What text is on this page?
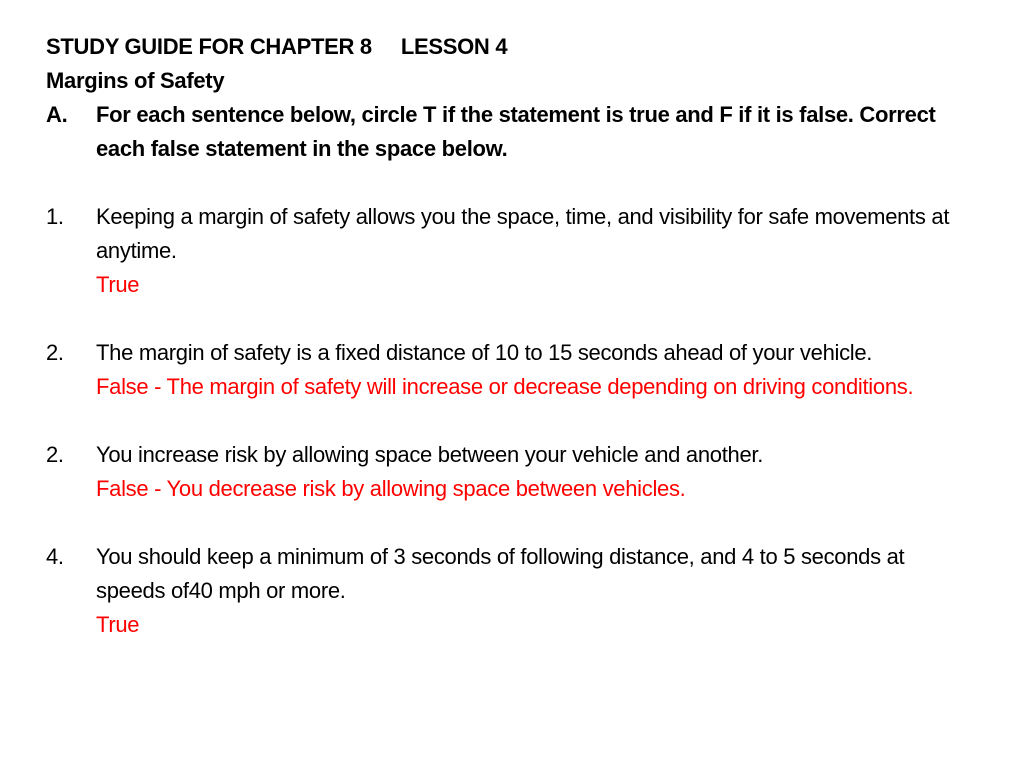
STUDY GUIDE FOR CHAPTER 8     LESSON 4
Margins of Safety
A.	For each sentence below, circle T if the statement is true and F if it is false. Correct each false statement in the space below.
1.	Keeping a margin of safety allows you the space, time, and visibility for safe movements at anytime.
True
2.	The margin of safety is a fixed distance of 10 to 15 seconds ahead of your vehicle.
False - The margin of safety will increase or decrease depending on driving conditions.
2.	You increase risk by allowing space between your vehicle and another.
False - You decrease risk by allowing space between vehicles.
4.	You should keep a minimum of 3 seconds of following distance, and 4 to 5 seconds at speeds of40 mph or more.
True
